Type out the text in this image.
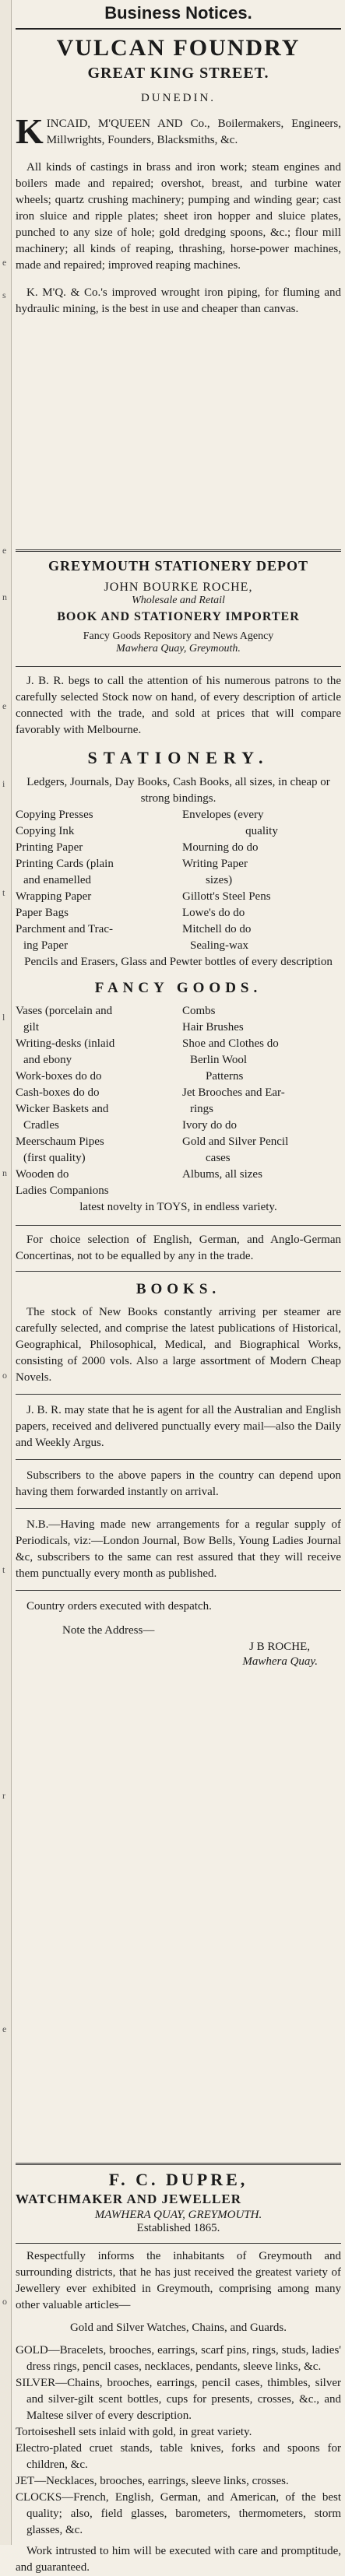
e
s
e
n
e
i
t
l
n
o
t
r
e
o
Business Notices.
VULCAN FOUNDRY
GREAT KING STREET.
DUNEDIN.
K INCAID, M'QUEEN AND Co., Boilermakers, Engineers, Millwrights, Founders, Blacksmiths, &c.

All kinds of castings in brass and iron work; steam engines and boilers made and repaired; overshot, breast, and turbine water wheels; quartz crushing machinery; pumping and winding gear; cast iron sluice and ripple plates; sheet iron hopper and sluice plates, punched to any size of hole; gold dredging spoons, &c.; flour mill machinery; all kinds of reaping, thrashing, horse-power machines, made and repaired; improved reaping machines.

K. M'Q. & Co.'s improved wrought iron piping, for fluming and hydraulic mining, is the best in use and cheaper than canvas.

GREYMOUTH STATIONERY DEPOT
JOHN BOURKE ROCHE,
Wholesale and Retail
BOOK AND STATIONERY IMPORTER
Fancy Goods Repository and News Agency
Mawhera Quay, Greymouth.

J. B. R. begs to call the attention of his numerous patrons to the carefully selected Stock now on hand, of every description of article connected with the trade, and sold at prices that will compare favorably with Melbourne.

STATIONERY.
Ledgers, Journals, Day Books, Cash Books, all sizes, in cheap or strong bindings.
Copying Presses	Envelopes (every
Copying Ink	quality
Printing Paper	Mourning do do
Printing Cards (plain	Writing Paper
and enamelled	sizes)
Wrapping Paper	Gillott's Steel Pens
Paper Bags	Lowe's do do
Parchment and Trac-	Mitchell do do
ing Paper	Sealing-wax
Pencils and Erasers, Glass and Pewter bottles of every description
FANCY GOODS.
Vases (porcelain and	Combs
gilt	Hair Brushes
Writing-desks (inlaid	Shoe and Clothes do
and ebony	Berlin Wool
Work-boxes do do	Patterns
Cash-boxes do do	Jet Brooches and Ear-
Wicker Baskets and	rings
Cradles	Ivory do do
Meerschaum Pipes	Gold and Silver Pencil
(first quality)	cases
Wooden do	Albums, all sizes
Ladies Companions
latest novelty in TOYS, in endless variety.

For choice selection of English, German, and Anglo-German Concertinas, not to be equalled by any in the trade.

BOOKS.

The stock of New Books constantly arriving per steamer are carefully selected, and comprise the latest publications of Historical, Geographical, Philosophical, Medical, and Biographical Works, consisting of 2000 vols. Also a large assortment of Modern Cheap Novels.

J. B. R. may state that he is agent for all the Australian and English papers, received and delivered punctually every mail—also the Daily and Weekly Argus.

Subscribers to the above papers in the country can depend upon having them forwarded instantly on arrival.

N.B.—Having made new arrangements for a regular supply of Periodicals, viz:—London Journal, Bow Bells, Young Ladies Journal &c, subscribers to the same can rest assured that they will receive them punctually every month as published.

Country orders executed with despatch.

Note the Address—
J B ROCHE,
Mawhera Quay.
F. C. DUPRE,
WATCHMAKER AND JEWELLER
MAWHERA QUAY, GREYMOUTH.
Established 1865.

Respectfully informs the inhabitants of Greymouth and surrounding districts, that he has just received the greatest variety of Jewellery ever exhibited in Greymouth, comprising among many other valuable articles—

Gold and Silver Watches, Chains, and Guards.

GOLD—Bracelets, brooches, earrings, scarf pins, rings, studs, ladies' dress rings, pencil cases, necklaces, pendants, sleeve links, &c.

SILVER—Chains, brooches, earrings, pencil cases, thimbles, silver and silver-gilt scent bottles, cups for presents, crosses, &c., and Maltese silver of every description.

Tortoiseshell sets inlaid with gold, in great variety.

Electro-plated cruet stands, table knives, forks and spoons for children, &c.

JET—Necklaces, brooches, earrings, sleeve links, crosses.

CLOCKS—French, English, German, and American, of the best quality; also, field glasses, barometers, thermometers, storm glasses, &c.

Work intrusted to him will be executed with care and promptitude, and guaranteed.
